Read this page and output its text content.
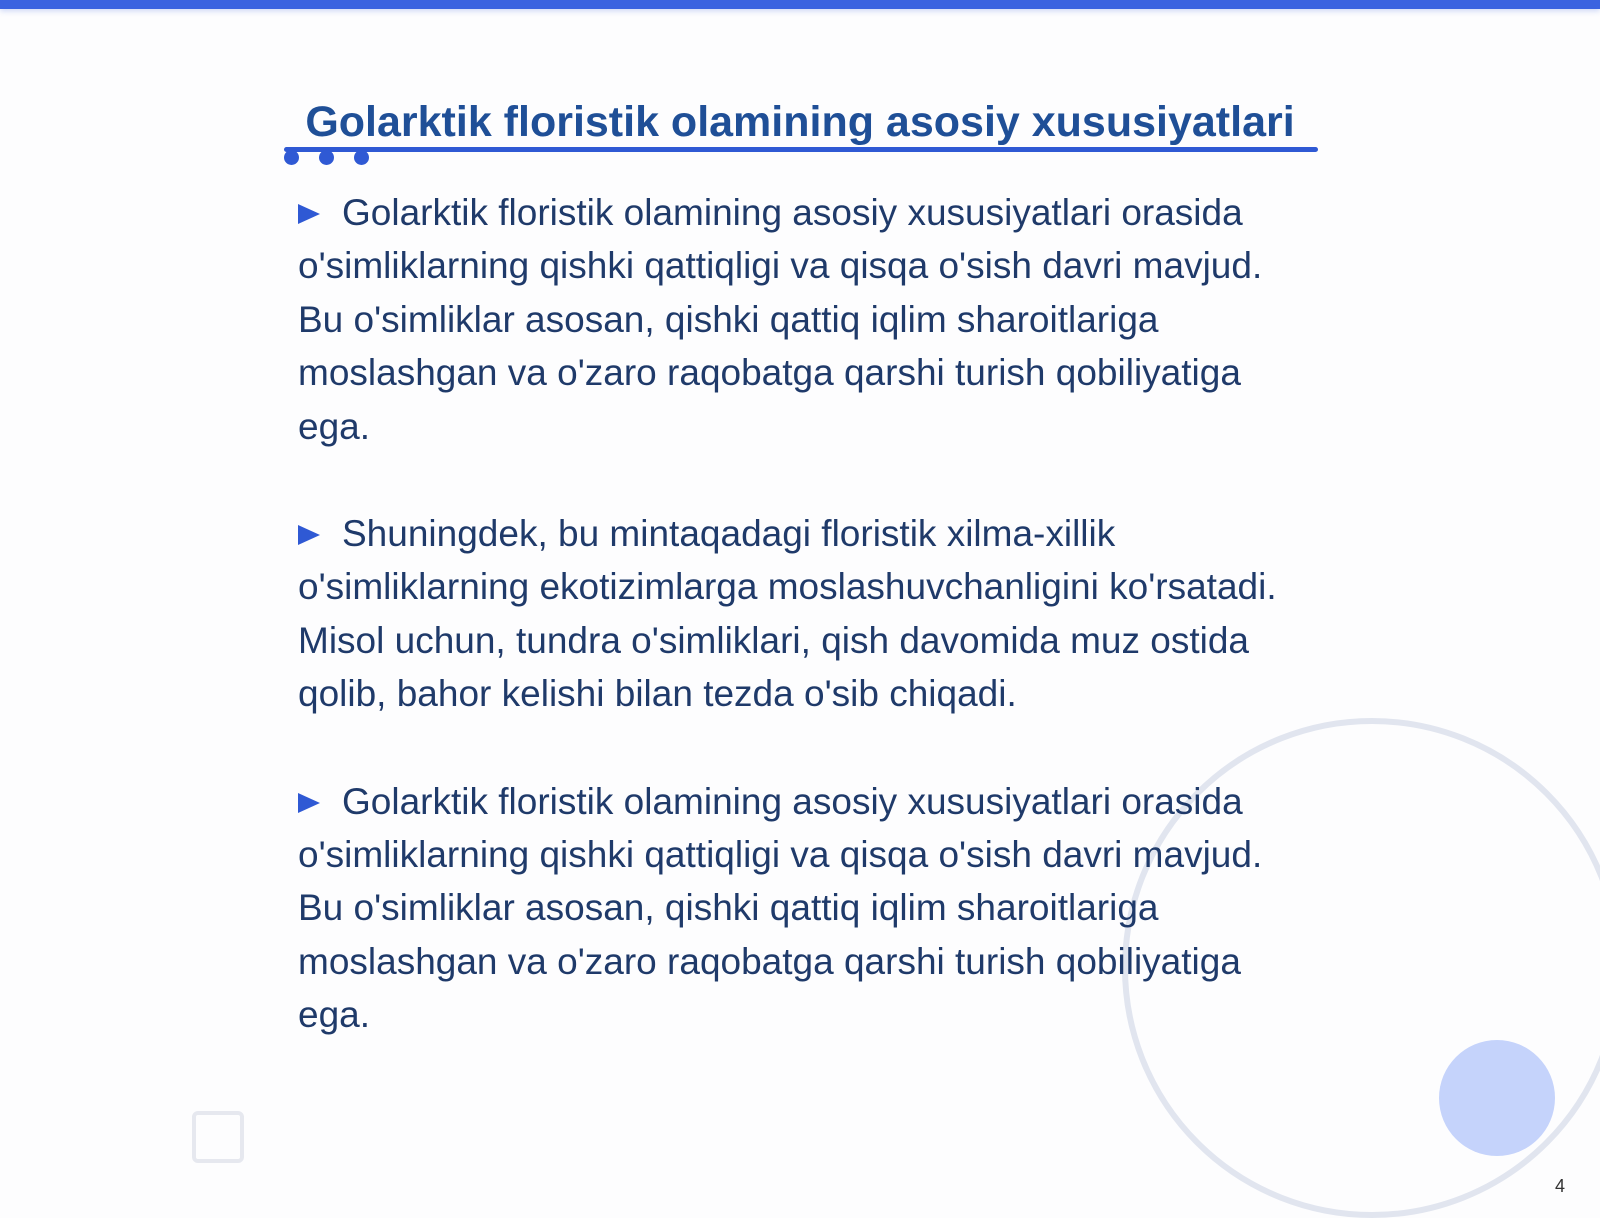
Golarktik floristik olamining asosiy xususiyatlari

Golarktik floristik olamining asosiy xususiyatlari orasida o'simliklarning qishki qattiqligi va qisqa o'sish davri mavjud. Bu o'simliklar asosan, qishki qattiq iqlim sharoitlariga moslashgan va o'zaro raqobatga qarshi turish qobiliyatiga ega.

Shuningdek, bu mintaqadagi floristik xilma-xillik o'simliklarning ekotizimlarga moslashuvchanligini ko'rsatadi. Misol uchun, tundra o'simliklari, qish davomida muz ostida qolib, bahor kelishi bilan tezda o'sib chiqadi.

Golarktik floristik olamining asosiy xususiyatlari orasida o'simliklarning qishki qattiqligi va qisqa o'sish davri mavjud. Bu o'simliklar asosan, qishki qattiq iqlim sharoitlariga moslashgan va o'zaro raqobatga qarshi turish qobiliyatiga ega.

4
